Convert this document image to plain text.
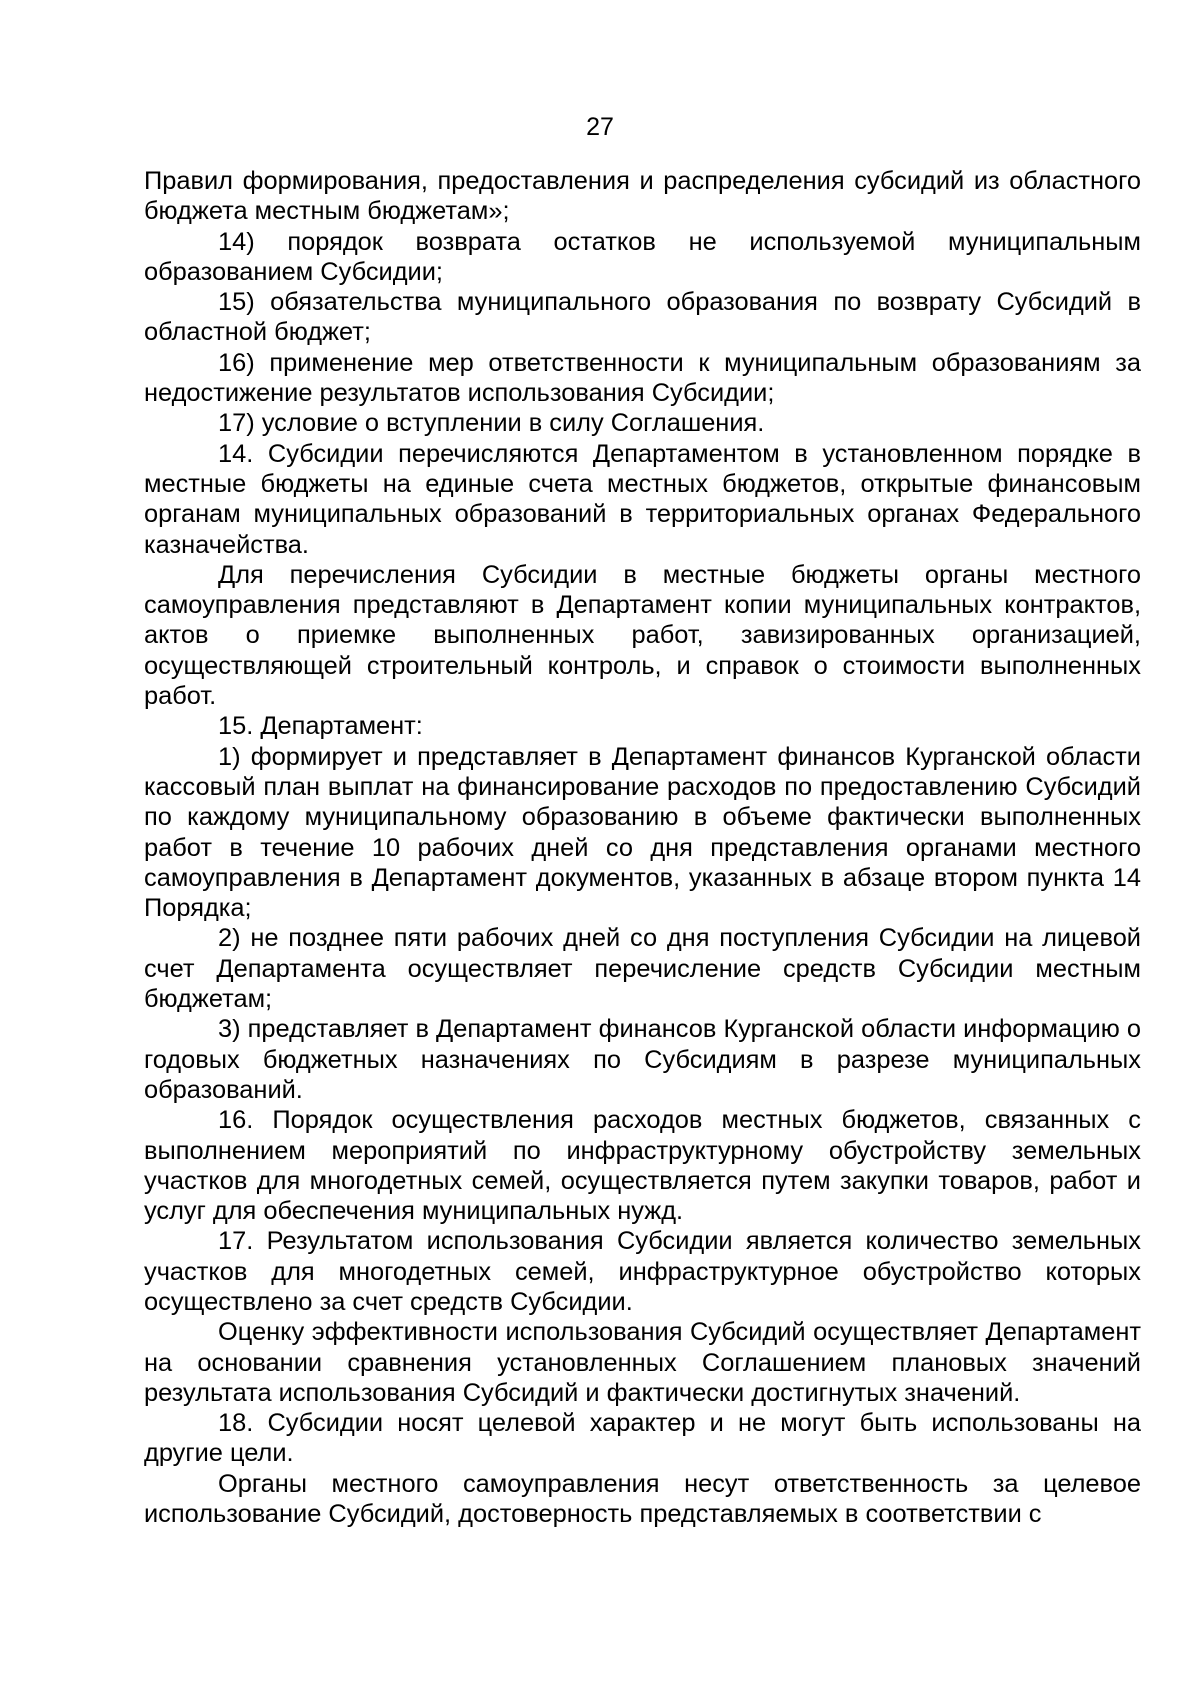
27

Правил формирования, предоставления и распределения субсидий из областного бюджета местным бюджетам»;

14) порядок возврата остатков не используемой муниципальным образованием Субсидии;

15) обязательства муниципального образования по возврату Субсидий в областной бюджет;

16) применение мер ответственности к муниципальным образованиям за недостижение результатов использования Субсидии;

17) условие о вступлении в силу Соглашения.

14. Субсидии перечисляются Департаментом в установленном порядке в местные бюджеты на единые счета местных бюджетов, открытые финансовым органам муниципальных образований в территориальных органах Федерального казначейства.

Для перечисления Субсидии в местные бюджеты органы местного самоуправления представляют в Департамент копии муниципальных контрактов, актов о приемке выполненных работ, завизированных организацией, осуществляющей строительный контроль, и справок о стоимости выполненных работ.

15. Департамент:

1) формирует и представляет в Департамент финансов Курганской области кассовый план выплат на финансирование расходов по предоставлению Субсидий по каждому муниципальному образованию в объеме фактически выполненных работ в течение 10 рабочих дней со дня представления органами местного самоуправления в Департамент документов, указанных в абзаце втором пункта 14 Порядка;

2) не позднее пяти рабочих дней со дня поступления Субсидии на лицевой счет Департамента осуществляет перечисление средств Субсидии местным бюджетам;

3) представляет в Департамент финансов Курганской области информацию о годовых бюджетных назначениях по Субсидиям в разрезе муниципальных образований.

16. Порядок осуществления расходов местных бюджетов, связанных с выполнением мероприятий по инфраструктурному обустройству земельных участков для многодетных семей, осуществляется путем закупки товаров, работ и услуг для обеспечения муниципальных нужд.

17. Результатом использования Субсидии является количество земельных участков для многодетных семей, инфраструктурное обустройство которых осуществлено за счет средств Субсидии.

Оценку эффективности использования Субсидий осуществляет Департамент на основании сравнения установленных Соглашением плановых значений результата использования Субсидий и фактически достигнутых значений.

18. Субсидии носят целевой характер и не могут быть использованы на другие цели.

Органы местного самоуправления несут ответственность за целевое использование Субсидий, достоверность представляемых в соответствии с
